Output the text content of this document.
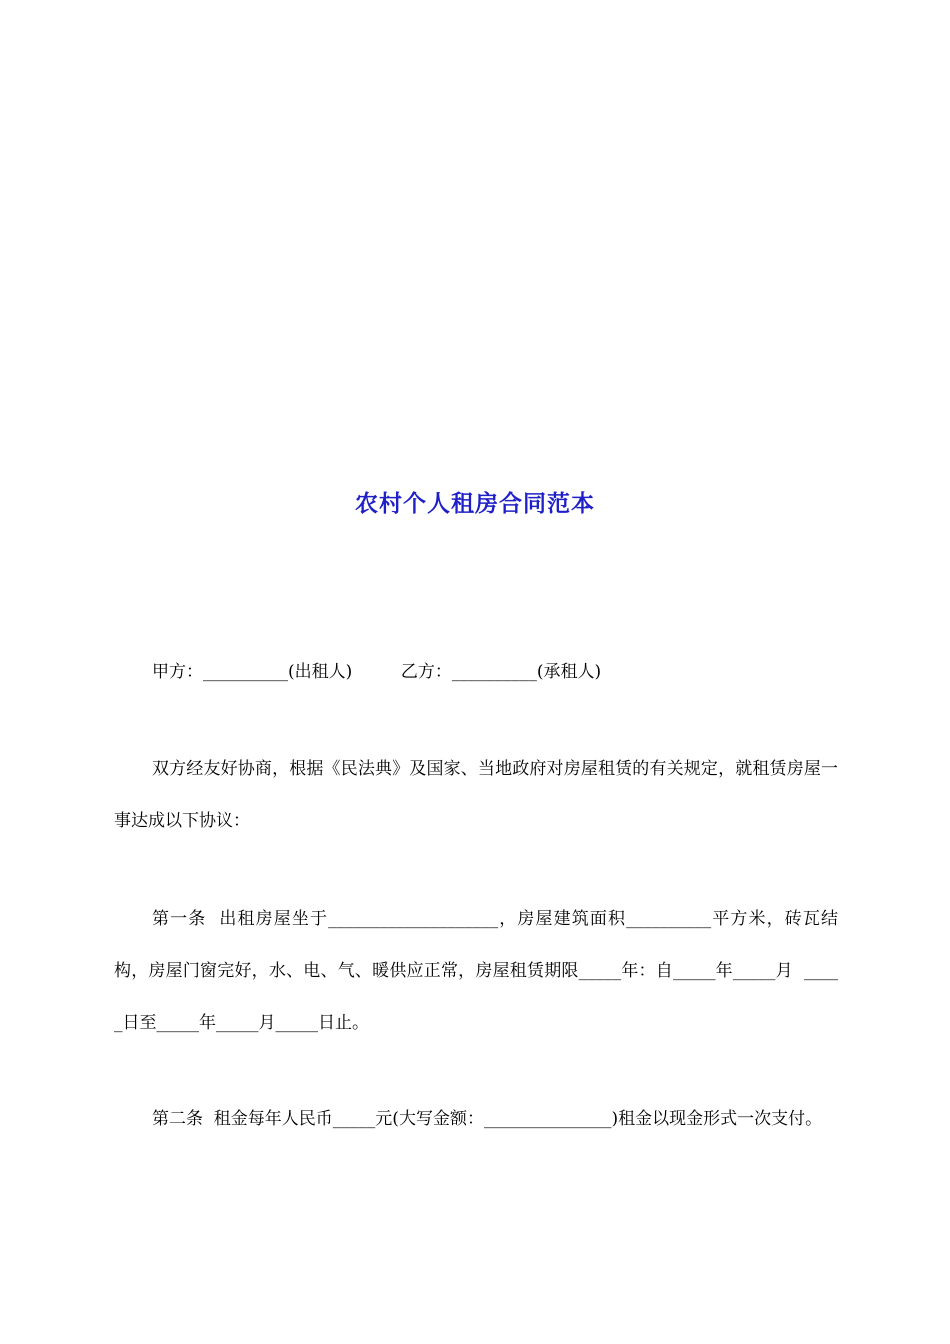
农村个人租房合同范本
甲方：__________(出租人)         乙方：__________(承租人)
双方经友好协商，根据《民法典》及国家、当地政府对房屋租赁的有关规定，就租赁房屋一事达成以下协议：
第一条  出租房屋坐于____________________，房屋建筑面积__________平方米，砖瓦结构，房屋门窗完好，水、电、气、暖供应正常，房屋租赁期限_____年：自_____年_____月  _____日至_____年_____月_____日止。
第二条  租金每年人民币_____元(大写金额：_______________)租金以现金形式一次支付。
